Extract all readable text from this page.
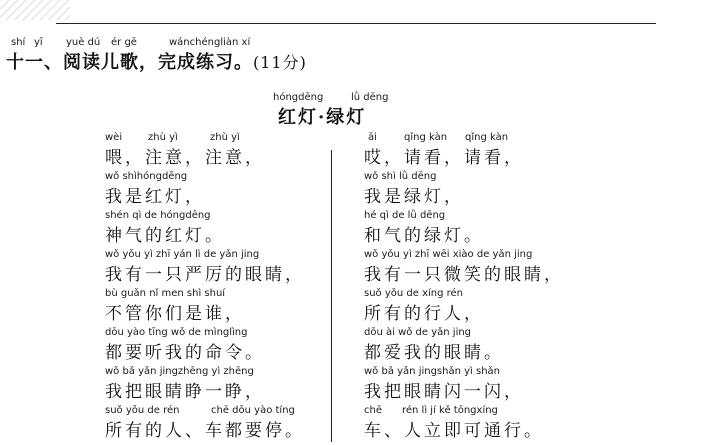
shí yī yuè dú ér gē	wánchéngliàn xí
十一、阅读儿歌，完成练习。(11分)
hóngdēng	lǜ dēng
红灯·绿灯
wèi	zhù yì	zhù yì
喂，注意，注意，
wǒ shìhóngdēng
我是红灯，
shén qì de hóngdēng
神气的红灯。
wǒ yǒu yì zhī yán lì de yǎn jing
我有一只严厉的眼睛，
bù guǎn nǐ men shì shuí
不管你们是谁，
dōu yào tīng wǒ de mìnglìng
都要听我的命令。
wǒ bǎ yǎn jingzhēng yì zhēng
我把眼睛睁一睁，
suǒ yǒu de rén	chē dōu yào tíng
所有的人、车都要停。
āi	qǐng kàn qǐng kàn
哎，请看，请看，
wǒ shì lǜ dēng
我是绿灯，
hé qì de lǜ dēng
和气的绿灯。
wǒ yǒu yì zhī wēi xiào de yǎn jing
我有一只微笑的眼睛，
suǒ yǒu de xíng rén
所有的行人，
dōu ài wǒ de yǎn jing
都爱我的眼睛。
wǒ bǎ yǎn jingshǎn yì shǎn
我把眼睛闪一闪，
chē rén lì jí kě tōngxíng
车、人立即可通行。
